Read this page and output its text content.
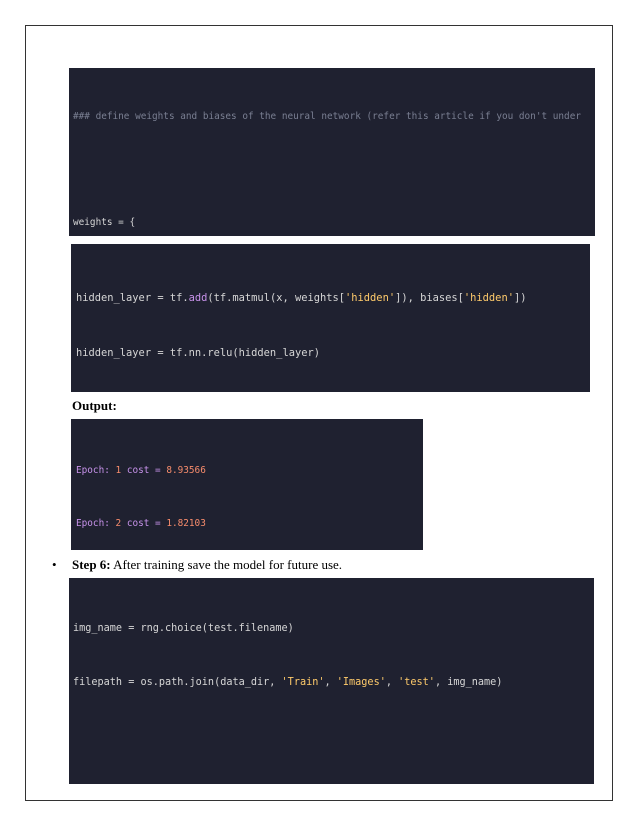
### define weights and biases of the neural network (refer this article if you don't under

weights = {

hidden_layer = tf.add(tf.matmul(x, weights['hidden']), biases['hidden'])

hidden_layer = tf.nn.relu(hidden_layer)

Output:

Epoch: 1 cost = 8.93566

Epoch: 2 cost = 1.82103

• Step 6: After training save the model for future use.

img_name = rng.choice(test.filename)

filepath = os.path.join(data_dir, 'Train', 'Images', 'test', img_name)
